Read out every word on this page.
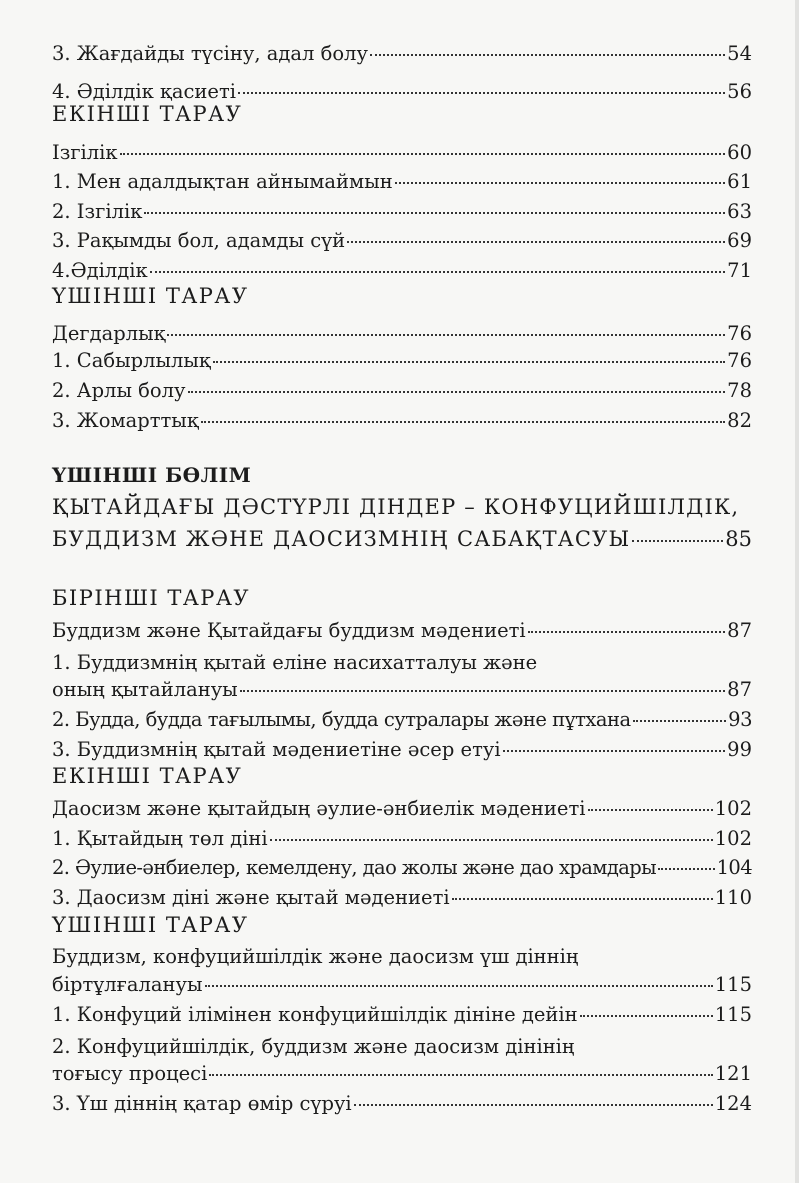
3. Жағдайды түсіну, адал болу	54
4. Әділдік қасиеті	56
ЕКІНШІ ТАРАУ
Ізгілік	60
1. Мен адалдықтан айнымаймын	61
2. Ізгілік	63
3. Рақымды бол, адамды сүй	69
4.Әділдік	71
ҮШІНШІ ТАРАУ
Дегдарлық	76
1. Сабырлылық	76
2. Арлы болу	78
3. Жомарттық	82
ҮШІНШІ БӨЛІМ
ҚЫТАЙДАҒЫ ДӘСТҮРЛІ ДІНДЕР – КОНФУЦИЙШІЛДІК,
БУДДИЗМ ЖӘНЕ ДАОСИЗМНІҢ САБАҚТАСУЫ	85
БІРІНШІ ТАРАУ
Буддизм және Қытайдағы буддизм мәдениеті	87
1. Буддизмнің қытай еліне насихатталуы және
оның қытайлануы	87
2. Будда, будда тағылымы, будда сутралары және пұтхана	93
3. Буддизмнің қытай мәдениетіне әсер етуі	99
ЕКІНШІ ТАРАУ
Даосизм және қытайдың әулие-әнбиелік мәдениеті	102
1. Қытайдың төл діні	102
2. Әулие-әнбиелер, кемелдену, дао жолы және дао храмдары	104
3. Даосизм діні және қытай мәдениеті	110
ҮШІНШІ ТАРАУ
Буддизм, конфуцийшілдік және даосизм үш діннің
біртұлғалануы	115
1. Конфуций ілімінен конфуцийшілдік дініне дейін	115
2. Конфуцийшілдік, буддизм және даосизм дінінің
тоғысу процесі	121
3. Үш діннің қатар өмір сүруі	124
